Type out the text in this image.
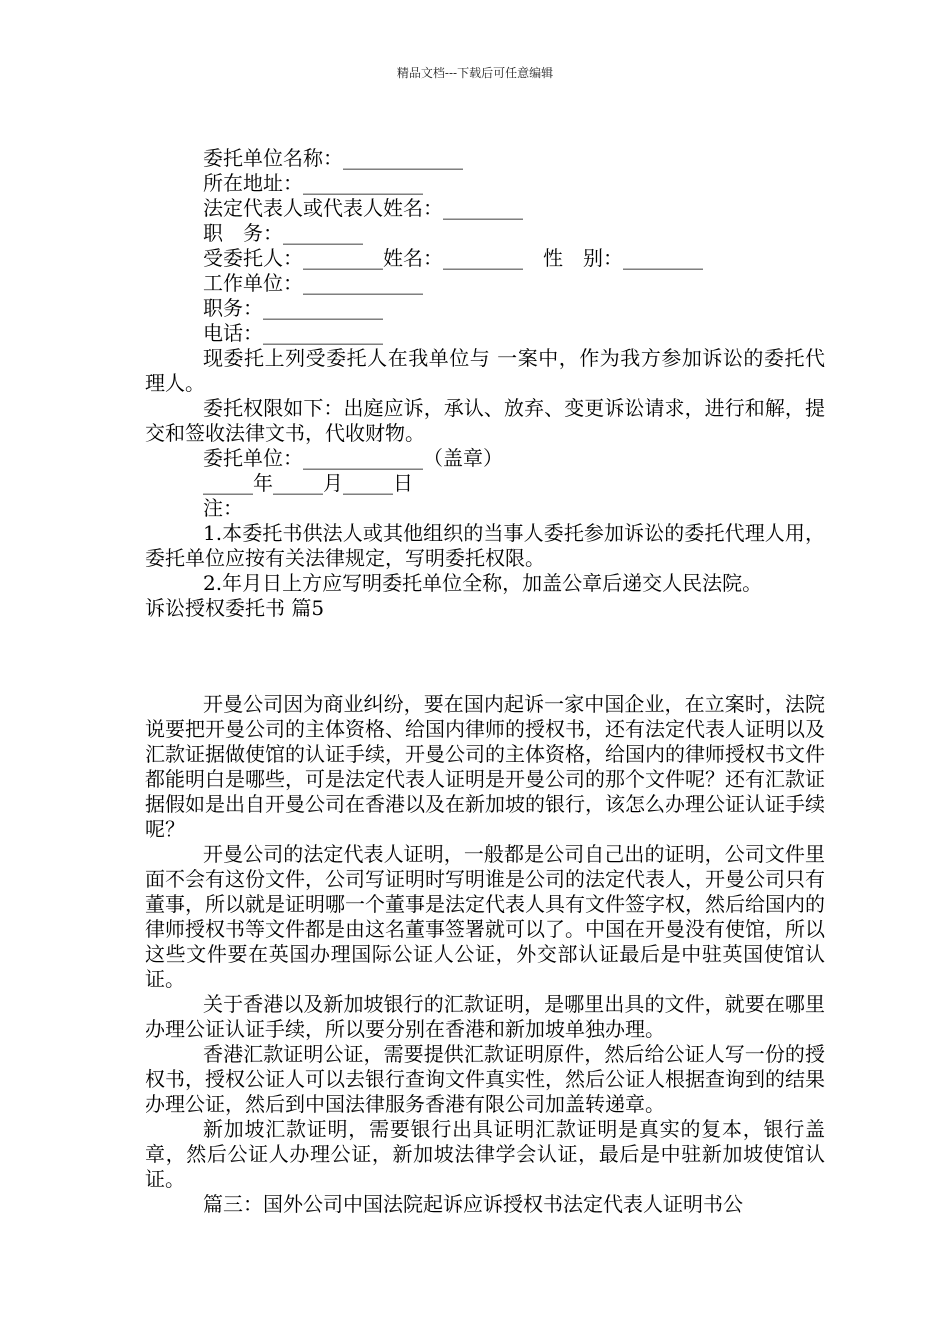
精品文档---下载后可任意编辑
委托单位名称：____________
所在地址：____________
法定代表人或代表人姓名：________
职　务：________
受委托人：________姓名：________　性　别：________
工作单位：____________
职务：____________
电话：____________
现委托上列受委托人在我单位与 一案中，作为我方参加诉讼的委托代理人。
委托权限如下：出庭应诉，承认、放弃、变更诉讼请求，进行和解，提交和签收法律文书，代收财物。
委托单位：____________（盖章）
_____年_____月_____日
注：
1.本委托书供法人或其他组织的当事人委托参加诉讼的委托代理人用，委托单位应按有关法律规定，写明委托权限。
2.年月日上方应写明委托单位全称，加盖公章后递交人民法院。
诉讼授权委托书 篇5
开曼公司因为商业纠纷，要在国内起诉一家中国企业，在立案时，法院说要把开曼公司的主体资格、给国内律师的授权书，还有法定代表人证明以及汇款证据做使馆的认证手续，开曼公司的主体资格，给国内的律师授权书文件都能明白是哪些，可是法定代表人证明是开曼公司的那个文件呢？还有汇款证据假如是出自开曼公司在香港以及在新加坡的银行，该怎么办理公证认证手续呢？
开曼公司的法定代表人证明，一般都是公司自己出的证明，公司文件里面不会有这份文件，公司写证明时写明谁是公司的法定代表人，开曼公司只有董事，所以就是证明哪一个董事是法定代表人具有文件签字权，然后给国内的律师授权书等文件都是由这名董事签署就可以了。中国在开曼没有使馆，所以这些文件要在英国办理国际公证人公证，外交部认证最后是中驻英国使馆认证。
关于香港以及新加坡银行的汇款证明，是哪里出具的文件，就要在哪里办理公证认证手续，所以要分别在香港和新加坡单独办理。
香港汇款证明公证，需要提供汇款证明原件，然后给公证人写一份的授权书，授权公证人可以去银行查询文件真实性，然后公证人根据查询到的结果办理公证，然后到中国法律服务香港有限公司加盖转递章。
新加坡汇款证明，需要银行出具证明汇款证明是真实的复本，银行盖章，然后公证人办理公证，新加坡法律学会认证，最后是中驻新加坡使馆认证。
篇三：国外公司中国法院起诉应诉授权书法定代表人证明书公
